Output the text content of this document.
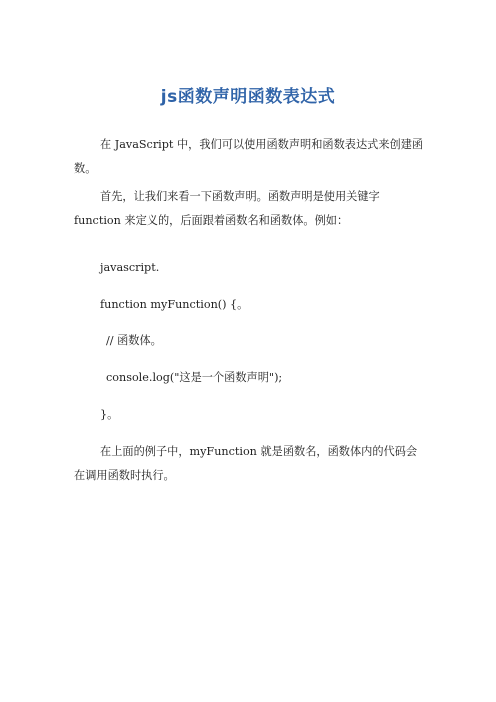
js函数声明函数表达式

在 JavaScript 中，我们可以使用函数声明和函数表达式来创建函数。

首先，让我们来看一下函数声明。函数声明是使用关键字 function 来定义的，后面跟着函数名和函数体。例如：

javascript.
function myFunction() {。
// 函数体。
console.log("这是一个函数声明");
}。

在上面的例子中，myFunction 就是函数名，函数体内的代码会在调用函数时执行。
